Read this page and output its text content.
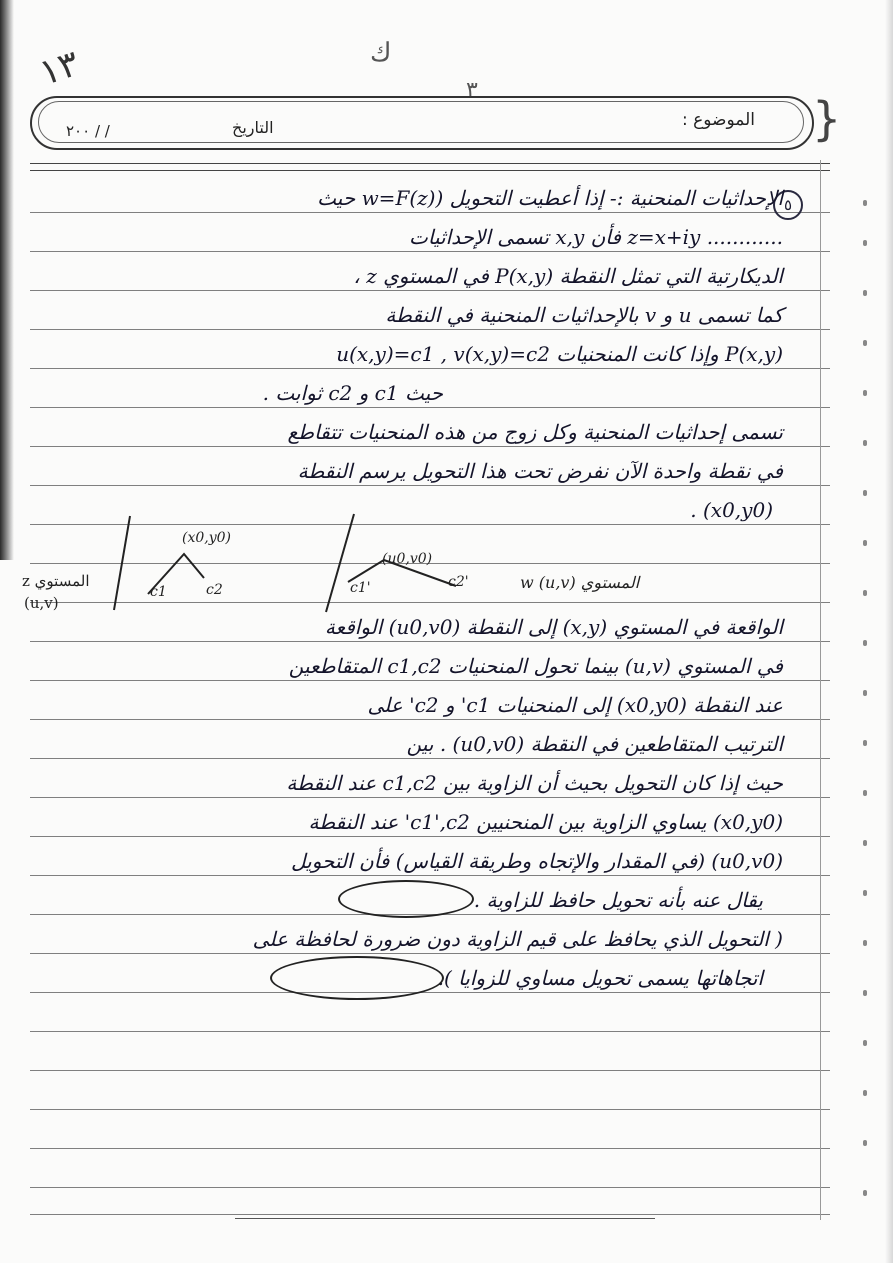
١٣	ك
٣
}
الموضوع :
التاريخ
٢٠٠ / /
٥
الإحداثيات المنحنية :- إذا أعطيت التحويل (w=F(z) حيث
............ z=x+iy فأن x,y تسمى الإحداثيات
الديكارتية التي تمثل النقطة P(x,y) في المستوي z ،
كما تسمى u و v بالإحداثيات المنحنية في النقطة
P(x,y) وإذا كانت المنحنيات u(x,y)=c1 , v(x,y)=c2
حيث c1 و c2 ثوابت .
تسمى إحداثيات المنحنية وكل زوج من هذه المنحنيات تتقاطع
في نقطة واحدة الآن نفرض تحت هذا التحويل يرسم النقطة
(x0,y0) .
(x0,y0)
c1	c2
(u0,v0)
c1'	c2'
المستوي z
(u,v)
المستوي w (u,v)
الواقعة في المستوي (x,y) إلى النقطة (u0,v0) الواقعة
في المستوي (u,v) بينما تحول المنحنيات c1,c2 المتقاطعين
عند النقطة (x0,y0) إلى المنحنيات c1' و c2' على
الترتيب المتقاطعين في النقطة (u0,v0) . بين
حيث إذا كان التحويل بحيث أن الزاوية بين c1,c2 عند النقطة
(x0,y0) يساوي الزاوية بين المنحنيين c1',c2' عند النقطة
(u0,v0) (في المقدار والإتجاه وطريقة القياس) فأن التحويل
يقال عنه بأنه تحويل حافظ للزاوية .
( التحويل الذي يحافظ على قيم الزاوية دون ضرورة لحافظة على
اتجاهاتها يسمى تحويل مساوي للزوايا ).
